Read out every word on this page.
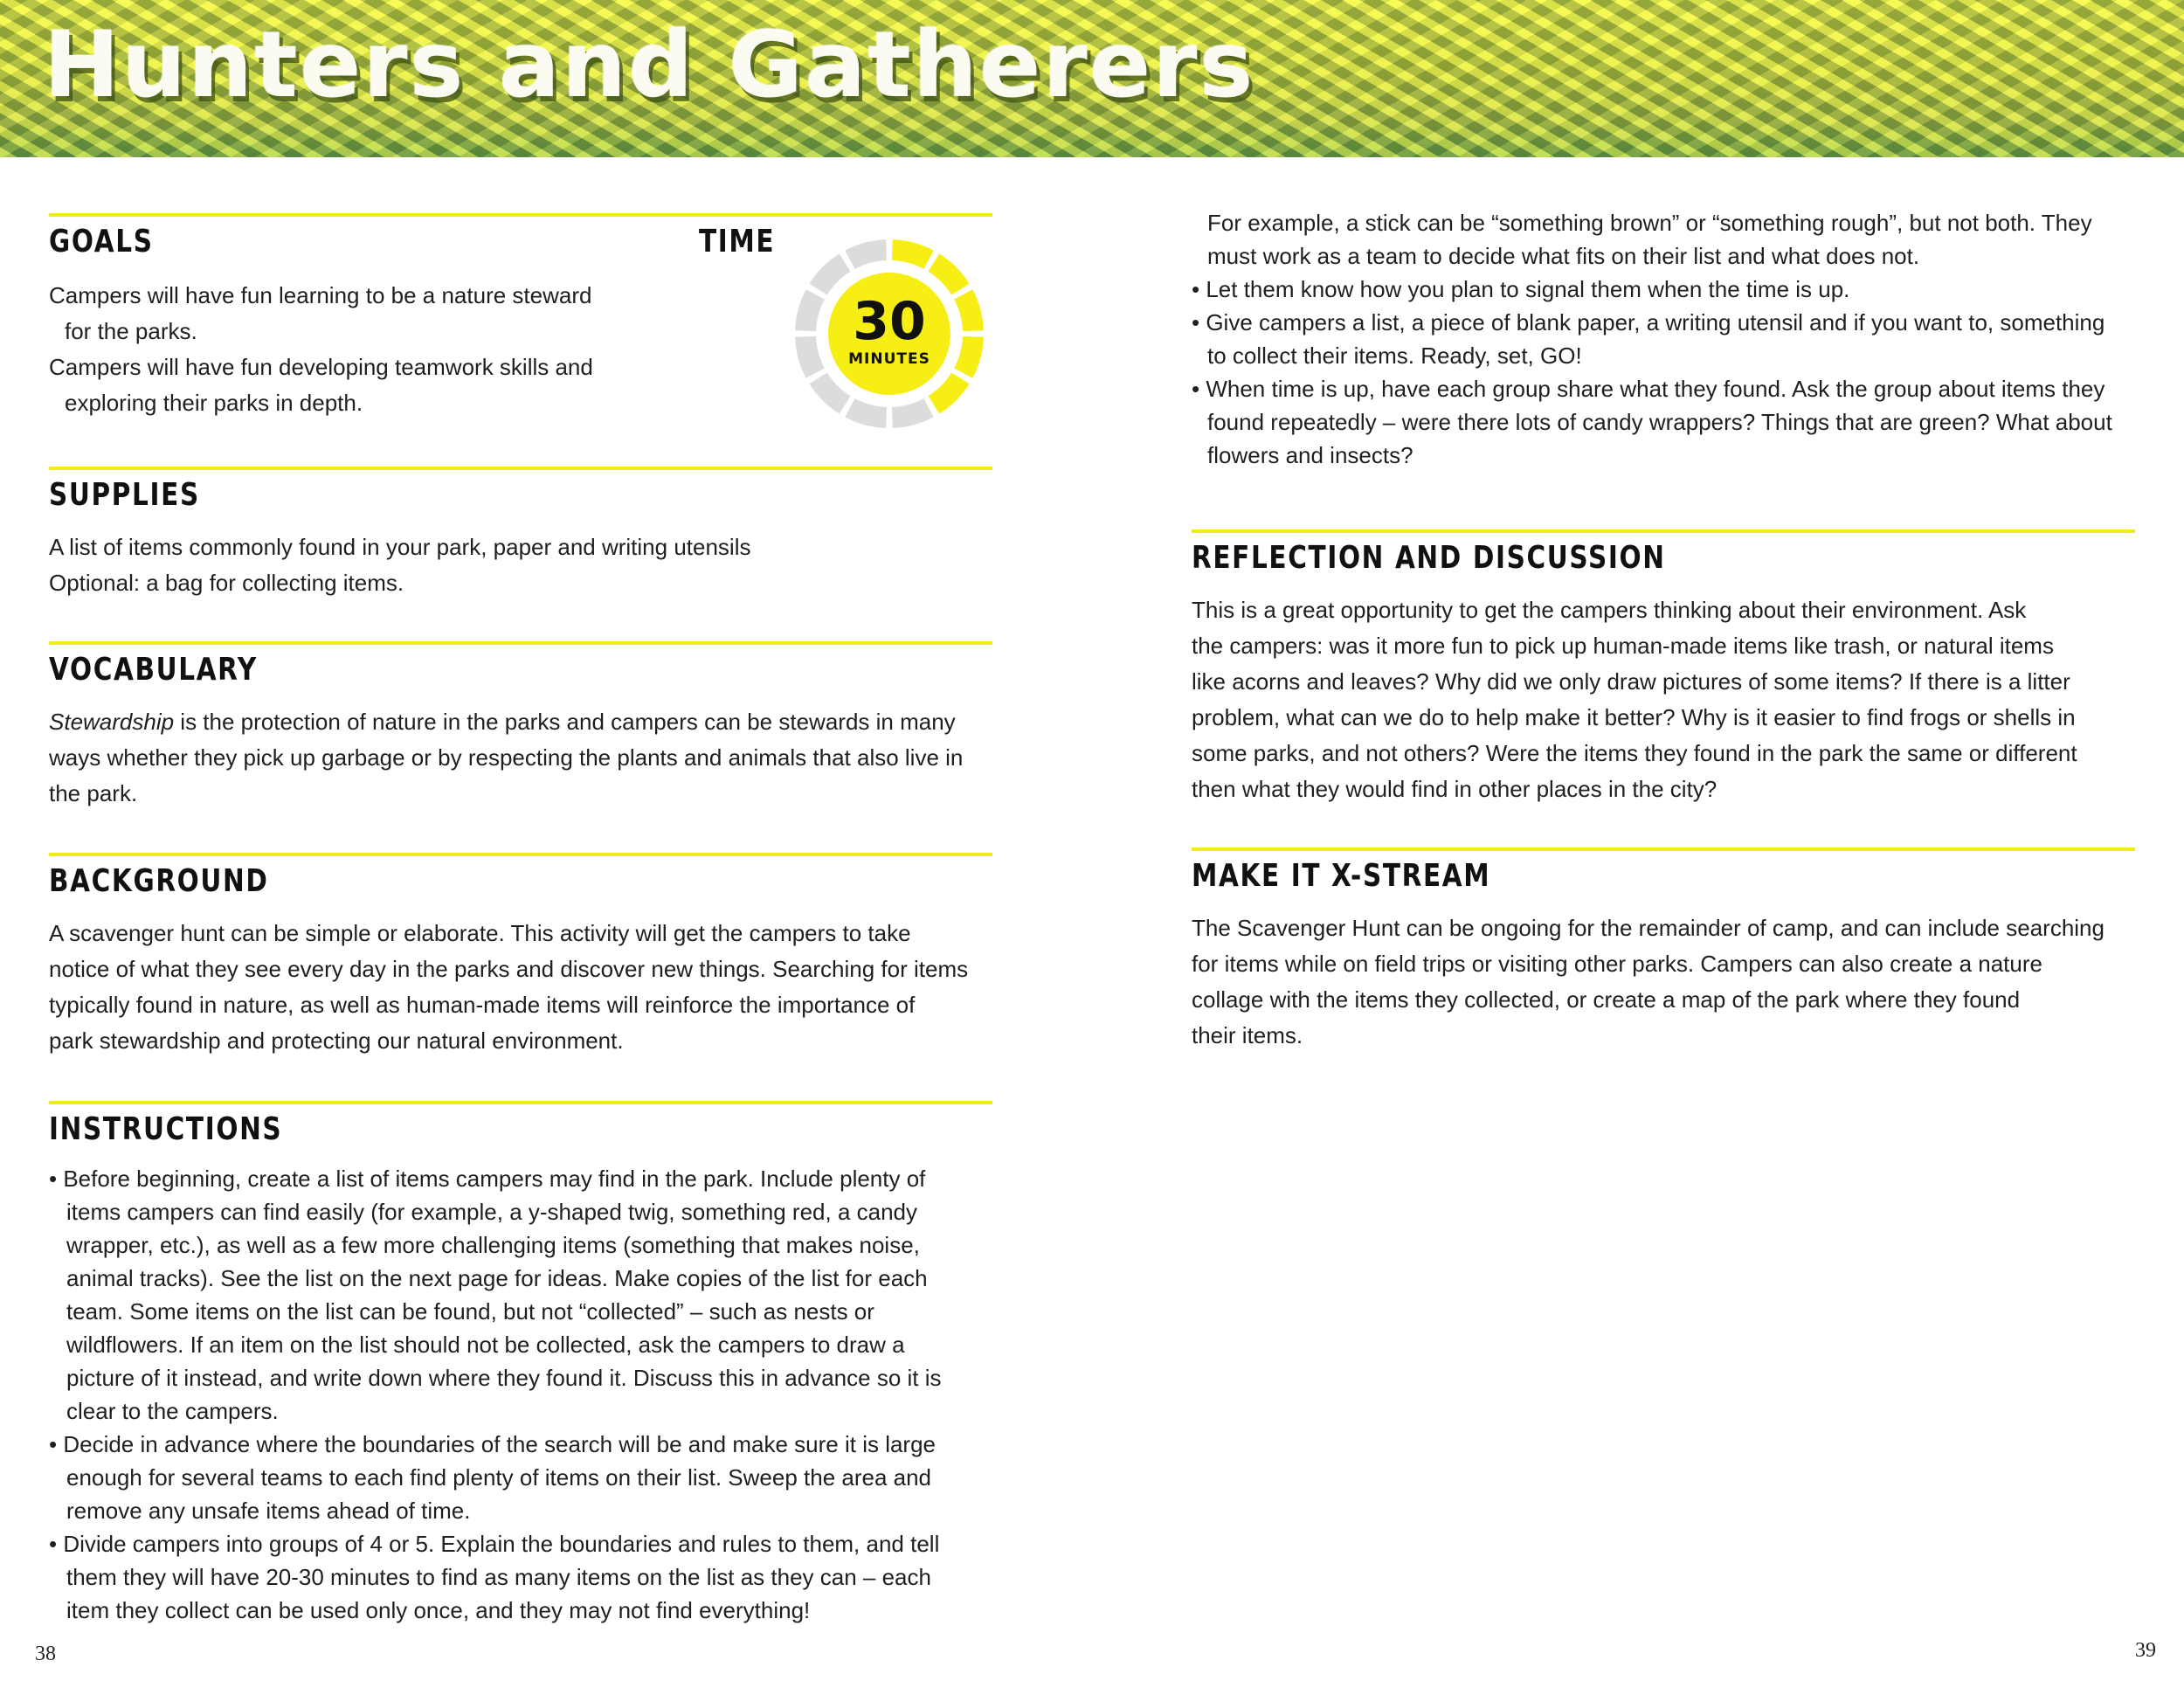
Hunters and Gatherers
GOALS	TIME

Campers will have fun learning to be a nature steward

for the parks.

Campers will have fun developing teamwork skills and

exploring their parks in depth.

30
MINUTES
SUPPLIES

A list of items commonly found in your park, paper and writing utensils

Optional: a bag for collecting items.

VOCABULARY

Stewardship is the protection of nature in the parks and campers can be stewards in many

ways whether they pick up garbage or by respecting the plants and animals that also live in

the park.

BACKGROUND

A scavenger hunt can be simple or elaborate. This activity will get the campers to take

notice of what they see every day in the parks and discover new things. Searching for items

typically found in nature, as well as human-made items will reinforce the importance of

park stewardship and protecting our natural environment.

INSTRUCTIONS

• Before beginning, create a list of items campers may find in the park. Include plenty of

items campers can find easily (for example, a y-shaped twig, something red, a candy

wrapper, etc.), as well as a few more challenging items (something that makes noise,

animal tracks). See the list on the next page for ideas. Make copies of the list for each

team. Some items on the list can be found, but not “collected” – such as nests or

wildflowers. If an item on the list should not be collected, ask the campers to draw a

picture of it instead, and write down where they found it. Discuss this in advance so it is

clear to the campers.

• Decide in advance where the boundaries of the search will be and make sure it is large

enough for several teams to each find plenty of items on their list. Sweep the area and

remove any unsafe items ahead of time.

• Divide campers into groups of 4 or 5. Explain the boundaries and rules to them, and tell

them they will have 20-30 minutes to find as many items on the list as they can – each

item they collect can be used only once, and they may not find everything!

38

For example, a stick can be “something brown” or “something rough”, but not both. They

must work as a team to decide what fits on their list and what does not.

• Let them know how you plan to signal them when the time is up.

• Give campers a list, a piece of blank paper, a writing utensil and if you want to, something

to collect their items. Ready, set, GO!

• When time is up, have each group share what they found. Ask the group about items they

found repeatedly – were there lots of candy wrappers? Things that are green? What about

flowers and insects?

REFLECTION AND DISCUSSION

This is a great opportunity to get the campers thinking about their environment. Ask

the campers: was it more fun to pick up human-made items like trash, or natural items

like acorns and leaves? Why did we only draw pictures of some items? If there is a litter

problem, what can we do to help make it better? Why is it easier to find frogs or shells in

some parks, and not others? Were the items they found in the park the same or different

then what they would find in other places in the city?

MAKE IT X-STREAM

The Scavenger Hunt can be ongoing for the remainder of camp, and can include searching

for items while on field trips or visiting other parks. Campers can also create a nature

collage with the items they collected, or create a map of the park where they found

their items.

39
